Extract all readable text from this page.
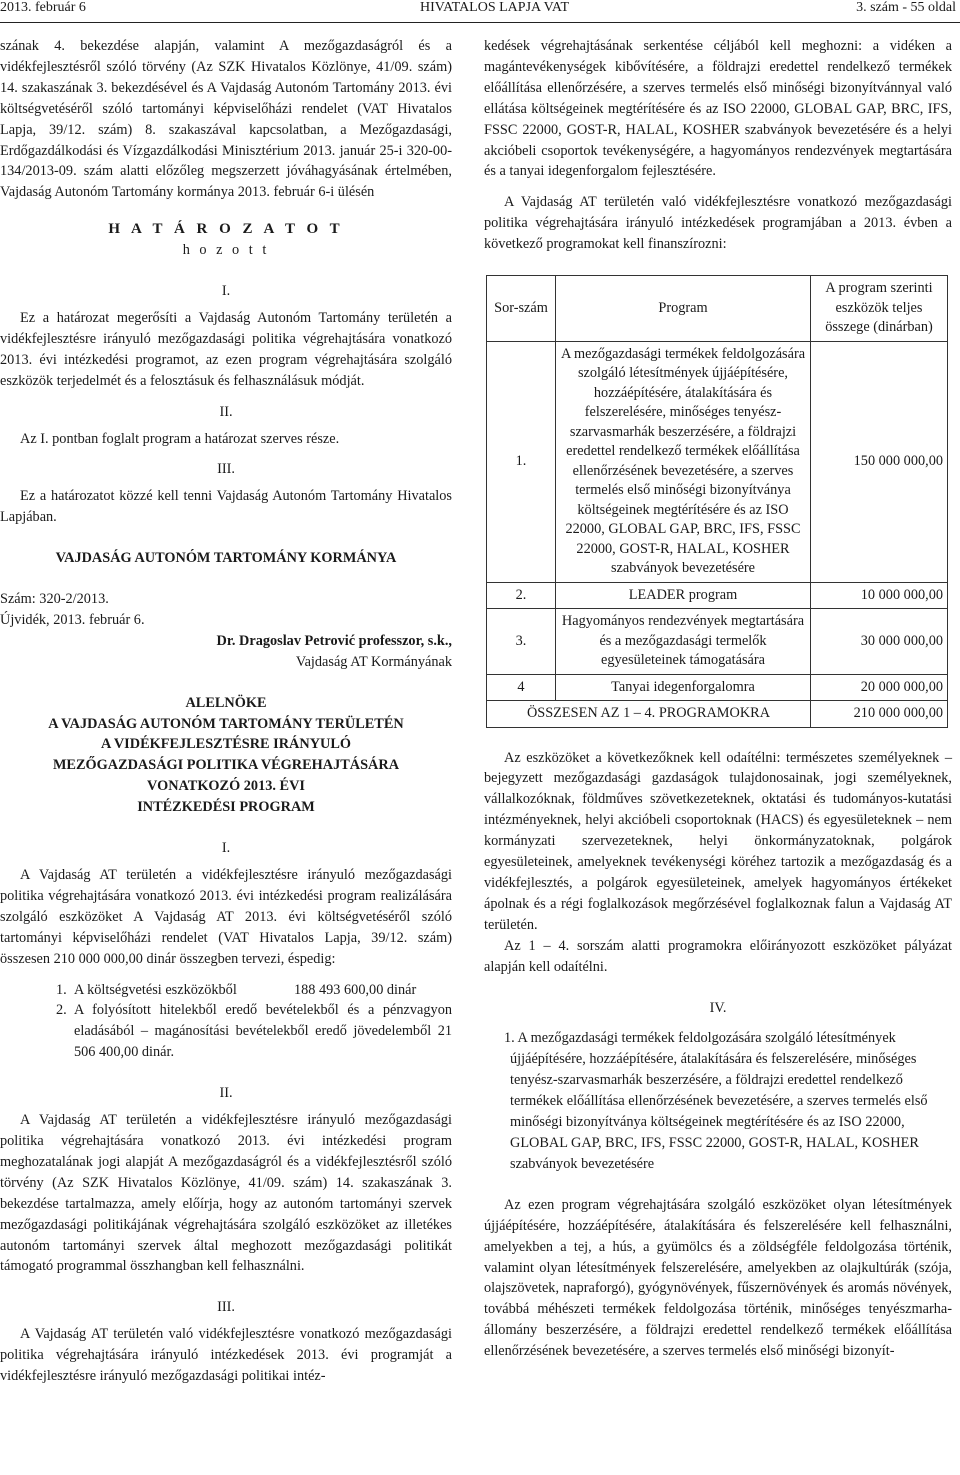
2013. február 6	HIVATALOS LAPJA VAT	3. szám - 55 oldal

szának 4. bekezdése alapján, valamint A mezőgazdaságról és a vidékfejlesztésről szóló törvény (Az SZK Hivatalos Közlönye, 41/09. szám) 14. szakaszának 3. bekezdésével és A Vajdaság Autonóm Tartomány 2013. évi költségvetéséről szóló tartományi képviselőházi rendelet (VAT Hivatalos Lapja, 39/12. szám) 8. szakaszával kapcsolatban, a Mezőgazdasági, Erdőgazdálkodási és Vízgazdálkodási Minisztérium 2013. január 25-i 320-00-134/2013-09. szám alatti előzőleg megszerzett jóváhagyásának értelmében, Vajdaság Autonóm Tartomány kormánya 2013. február 6-i ülésén

H A T Á R O Z A T O T
h o z o t t
I.

Ez a határozat megerősíti a Vajdaság Autonóm Tartomány területén a vidékfejlesztésre irányuló mezőgazdasági politika végrehajtására vonatkozó 2013. évi intézkedési programot, az ezen program végrehajtására szolgáló eszközök terjedelmét és a felosztásuk és felhasználásuk módját.

II.

Az I. pontban foglalt program a határozat szerves része.

III.

Ez a határozatot közzé kell tenni Vajdaság Autonóm Tartomány Hivatalos Lapjában.

VAJDASÁG AUTONÓM TARTOMÁNY KORMÁNYA
Szám: 320-2/2013.
Újvidék, 2013. február 6.
Dr. Dragoslav Petrović professzor, s.k.,
Vajdaság AT Kormányának
ALELNÖKE
A VAJDASÁG AUTONÓM TARTOMÁNY TERÜLETÉN
A VIDÉKFEJLESZTÉSRE IRÁNYULÓ
MEZŐGAZDASÁGI POLITIKA VÉGREHAJTÁSÁRA
VONATKOZÓ 2013. ÉVI
INTÉZKEDÉSI PROGRAM
I.

A Vajdaság AT területén a vidékfejlesztésre irányuló mezőgazdasági politika végrehajtására vonatkozó 2013. évi intézkedési program realizálására szolgáló eszközöket A Vajdaság AT 2013. évi költségvetéséről szóló tartományi képviselőházi rendelet (VAT Hivatalos Lapja, 39/12. szám) összesen 210 000 000,00 dinár összegben tervezi, éspedig:

1. A költségvetési eszközökből                188 493 600,00 dinár
2. A folyósított hitelekből eredő bevételekből és a pénzvagyon eladásából – magánosítási bevételekből eredő jövedelemből 21 506 400,00 dinár.
II.

A Vajdaság AT területén a vidékfejlesztésre irányuló mezőgazdasági politika végrehajtására vonatkozó 2013. évi intézkedési program meghozatalának jogi alapját A mezőgazdaságról és a vidékfejlesztésről szóló törvény (Az SZK Hivatalos Közlönye, 41/09. szám) 14. szakaszának 3. bekezdése tartalmazza, amely előírja, hogy az autonóm tartományi szervek mezőgazdasági politikájának végrehajtására szolgáló eszközöket az illetékes autonóm tartományi szervek által meghozott mezőgazdasági politikát támogató programmal összhangban kell felhasználni.

III.

A Vajdaság AT területén való vidékfejlesztésre vonatkozó mezőgazdasági politika végrehajtására irányuló intézkedések 2013. évi programját a vidékfejlesztésre irányuló mezőgazdasági politikai intéz-

kedések végrehajtásának serkentése céljából kell meghozni: a vidéken a magántevékenységek kibővítésére, a földrajzi eredettel rendelkező termékek előállítása ellenőrzésére, a szerves termelés első minőségi bizonyítvánnyal való ellátása költségeinek megtérítésére és az ISO 22000, GLOBAL GAP, BRC, IFS, FSSC 22000, GOST-R, HALAL, KOSHER szabványok bevezetésére és a helyi akcióbeli csoportok tevékenységére, a hagyományos rendezvények megtartására és a tanyai idegenforgalom fejlesztésére.

A Vajdaság AT területén való vidékfejlesztésre vonatkozó mezőgazdasági politika végrehajtására irányuló intézkedések programjában a 2013. évben a következő programokat kell finanszírozni:

Sor-szám	Program	A program szerinti eszközök teljes összege (dinárban)
1.	A mezőgazdasági termékek feldolgozására szolgáló létesítmények újjáépítésére, hozzáépítésére, átalakítására és felszerelésére, minőséges tenyész-szarvasmarhák beszerzésére, a földrajzi eredettel rendelkező termékek előállítása ellenőrzésének bevezetésére, a szerves termelés első minőségi bizonyítványa költségeinek megtérítésére és az ISO 22000, GLOBAL GAP, BRC, IFS, FSSC 22000, GOST-R, HALAL, KOSHER szabványok bevezetésére	150 000 000,00
2.	LEADER program	10 000 000,00
3.	Hagyományos rendezvények megtartására és a mezőgazdasági termelők egyesületeinek támogatására	30 000 000,00
4	Tanyai idegenforgalomra	20 000 000,00
ÖSSZESEN AZ 1 – 4. PROGRAMOKRA		210 000 000,00

Az eszközöket a következőknek kell odaítélni: természetes személyeknek – bejegyzett mezőgazdasági gazdaságok tulajdonosainak, jogi személyeknek, vállalkozóknak, földműves szövetkezeteknek, oktatási és tudományos-kutatási intézményeknek, helyi akcióbeli csoportoknak (HACS) és egyesületeknek – nem kormányzati szervezeteknek, helyi önkormányzatoknak, polgárok egyesületeinek, amelyeknek tevékenységi köréhez tartozik a mezőgazdaság és a vidékfejlesztés, a polgárok egyesületeinek, amelyek hagyományos értékeket ápolnak és a régi foglalkozások megőrzésével foglalkoznak falun a Vajdaság AT területén.

Az 1 – 4. sorszám alatti programokra előirányozott eszközöket pályázat alapján kell odaítélni.

IV.

1. A mezőgazdasági termékek feldolgozására szolgáló létesítmények

újjáépítésére, hozzáépítésére, átalakítására és felszerelésére, minőséges tenyész-szarvasmarhák beszerzésére, a földrajzi eredettel rendelkező termékek előállítása ellenőrzésének bevezetésére, a szerves termelés első minőségi bizonyítványa költségeinek megtérítésére és az ISO 22000, GLOBAL GAP, BRC, IFS, FSSC 22000, GOST-R, HALAL, KOSHER szabványok bevezetésére

Az ezen program végrehajtására szolgáló eszközöket olyan létesítmények újjáépítésére, hozzáépítésére, átalakítására és felszerelésére kell felhasználni, amelyekben a tej, a hús, a gyümölcs és a zöldségféle feldolgozása történik, valamint olyan létesítmények felszerelésére, amelyekben az olajkultúrák (szója, olajszövetek, napraforgó), gyógynövények, fűszernövények és aromás növények, továbbá méhészeti termékek feldolgozása történik, minőséges tenyészmarha-állomány beszerzésére, a földrajzi eredettel rendelkező termékek előállítása ellenőrzésének bevezetésére, a szerves termelés első minőségi bizonyít-
